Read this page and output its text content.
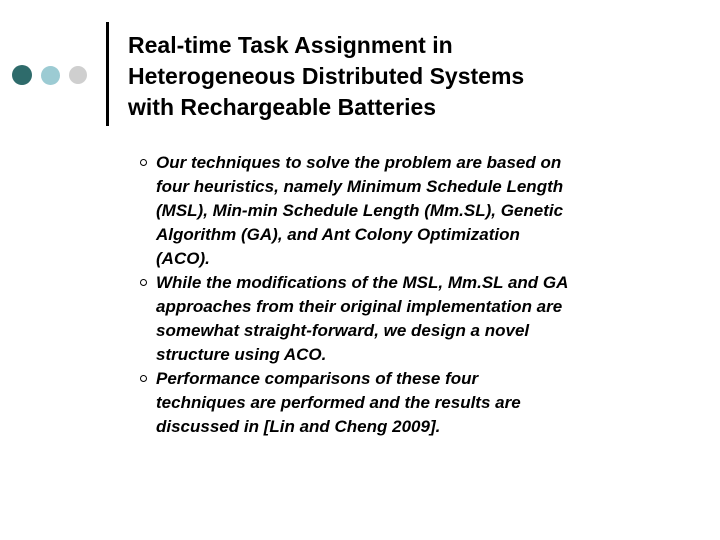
Real-time Task Assignment in
Heterogeneous Distributed Systems
with Rechargeable Batteries
Our techniques to solve the problem are based on
four heuristics, namely Minimum Schedule Length
(MSL), Min-min Schedule Length (Mm.SL), Genetic
Algorithm (GA), and Ant Colony Optimization
(ACO).
While the modifications of the MSL, Mm.SL and GA
approaches from their original implementation are
somewhat straight-forward, we design a novel
structure using ACO.
Performance comparisons of these four
techniques are performed and the results are
discussed in [Lin and Cheng 2009].
